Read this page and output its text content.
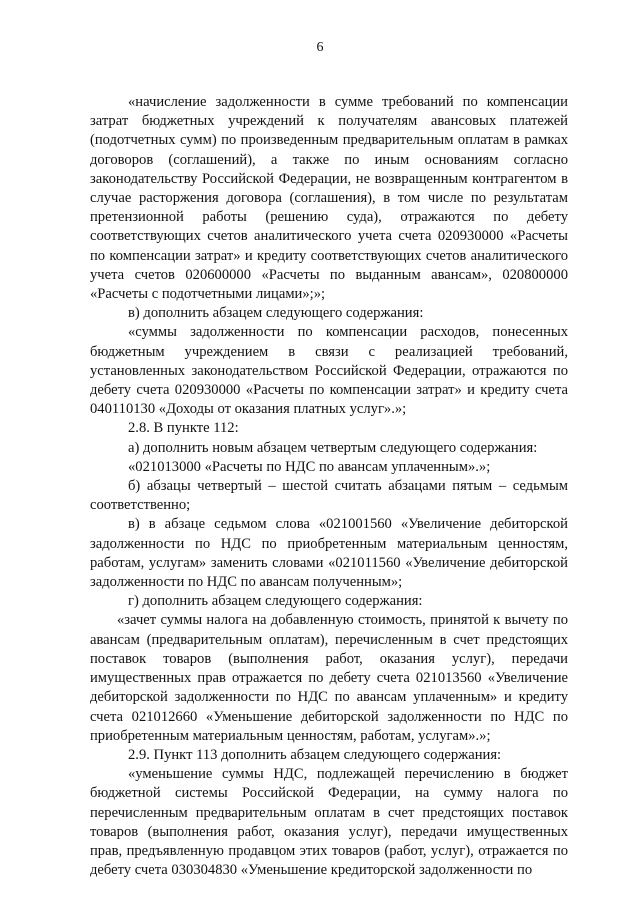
6

«начисление задолженности в сумме требований по компенсации затрат бюджетных учреждений к получателям авансовых платежей (подотчетных сумм) по произведенным предварительным оплатам в рамках договоров (соглашений), а также по иным основаниям согласно законодательству Российской Федерации, не возвращенным контрагентом в случае расторжения договора (соглашения), в том числе по результатам претензионной работы (решению суда), отражаются по дебету соответствующих счетов аналитического учета счета 020930000 «Расчеты по компенсации затрат» и кредиту соответствующих счетов аналитического учета счетов 020600000 «Расчеты по выданным авансам», 020800000 «Расчеты с подотчетными лицами»;»;

в) дополнить абзацем следующего содержания:

«суммы задолженности по компенсации расходов, понесенных бюджетным учреждением в связи с реализацией требований, установленных законодательством Российской Федерации, отражаются по дебету счета 020930000 «Расчеты по компенсации затрат» и кредиту счета 040110130 «Доходы от оказания платных услуг».»;

2.8. В пункте 112:

а) дополнить новым абзацем четвертым следующего содержания:

«021013000 «Расчеты по НДС по авансам уплаченным».»;

б) абзацы четвертый – шестой считать абзацами пятым – седьмым соответственно;

в) в абзаце седьмом слова «021001560 «Увеличение дебиторской задолженности по НДС по приобретенным материальным ценностям, работам, услугам» заменить словами «021011560 «Увеличение дебиторской задолженности по НДС по авансам полученным»;

г) дополнить абзацем следующего содержания:

«зачет суммы налога на добавленную стоимость, принятой к вычету по авансам (предварительным оплатам), перечисленным в счет предстоящих поставок товаров (выполнения работ, оказания услуг), передачи имущественных прав отражается по дебету счета 021013560 «Увеличение дебиторской задолженности по НДС по авансам уплаченным» и кредиту счета 021012660 «Уменьшение дебиторской задолженности по НДС по приобретенным материальным ценностям, работам, услугам».»;

2.9. Пункт 113 дополнить абзацем следующего содержания:

«уменьшение суммы НДС, подлежащей перечислению в бюджет бюджетной системы Российской Федерации, на сумму налога по перечисленным предварительным оплатам в счет предстоящих поставок товаров (выполнения работ, оказания услуг), передачи имущественных прав, предъявленную продавцом этих товаров (работ, услуг), отражается по дебету счета 030304830 «Уменьшение кредиторской задолженности по
